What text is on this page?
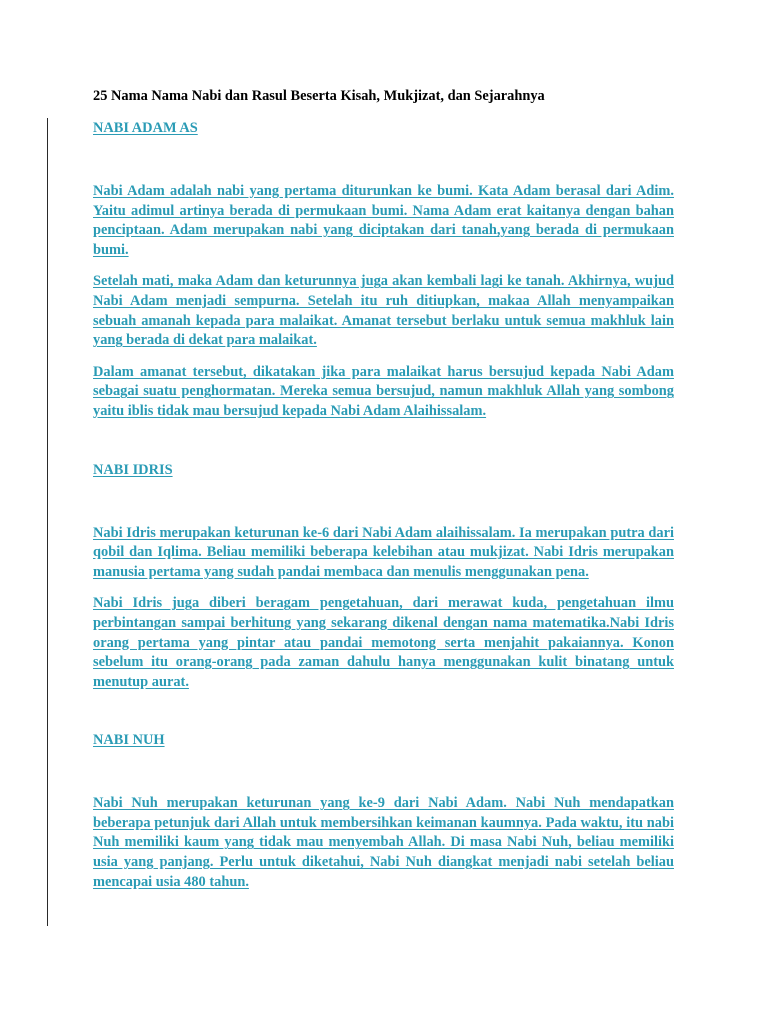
25 Nama Nama Nabi dan Rasul Beserta Kisah, Mukjizat, dan Sejarahnya

NABI ADAM AS

Nabi Adam adalah nabi yang pertama diturunkan ke bumi. Kata Adam berasal dari Adim. Yaitu adimul artinya berada di permukaan bumi. Nama Adam erat kaitanya dengan bahan penciptaan. Adam merupakan nabi yang diciptakan dari tanah,yang berada di permukaan bumi.

Setelah mati, maka Adam dan keturunnya juga akan kembali lagi ke tanah. Akhirnya, wujud Nabi Adam menjadi sempurna. Setelah itu ruh ditiupkan, makaa Allah menyampaikan sebuah amanah kepada para malaikat. Amanat tersebut berlaku untuk semua makhluk lain yang berada di dekat para malaikat.

Dalam amanat tersebut, dikatakan jika para malaikat harus bersujud kepada Nabi Adam sebagai suatu penghormatan. Mereka semua bersujud, namun makhluk Allah yang sombong yaitu iblis tidak mau bersujud kepada Nabi Adam Alaihissalam.

NABI IDRIS

Nabi Idris merupakan keturunan ke-6 dari Nabi Adam alaihissalam. Ia merupakan putra dari qobil dan Iqlima. Beliau memiliki beberapa kelebihan atau mukjizat. Nabi Idris merupakan manusia pertama yang sudah pandai membaca dan menulis menggunakan pena.

Nabi Idris juga diberi beragam pengetahuan, dari merawat kuda, pengetahuan ilmu perbintangan sampai berhitung yang sekarang dikenal dengan nama matematika.Nabi Idris orang pertama yang pintar atau pandai memotong serta menjahit pakaiannya. Konon sebelum itu orang-orang pada zaman dahulu hanya menggunakan kulit binatang untuk menutup aurat.

NABI NUH

Nabi Nuh merupakan keturunan yang ke-9 dari Nabi Adam. Nabi Nuh mendapatkan beberapa petunjuk dari Allah untuk membersihkan keimanan kaumnya. Pada waktu, itu nabi Nuh memiliki kaum yang tidak mau menyembah Allah. Di masa Nabi Nuh, beliau memiliki usia yang panjang. Perlu untuk diketahui, Nabi Nuh diangkat menjadi nabi setelah beliau mencapai usia 480 tahun.
